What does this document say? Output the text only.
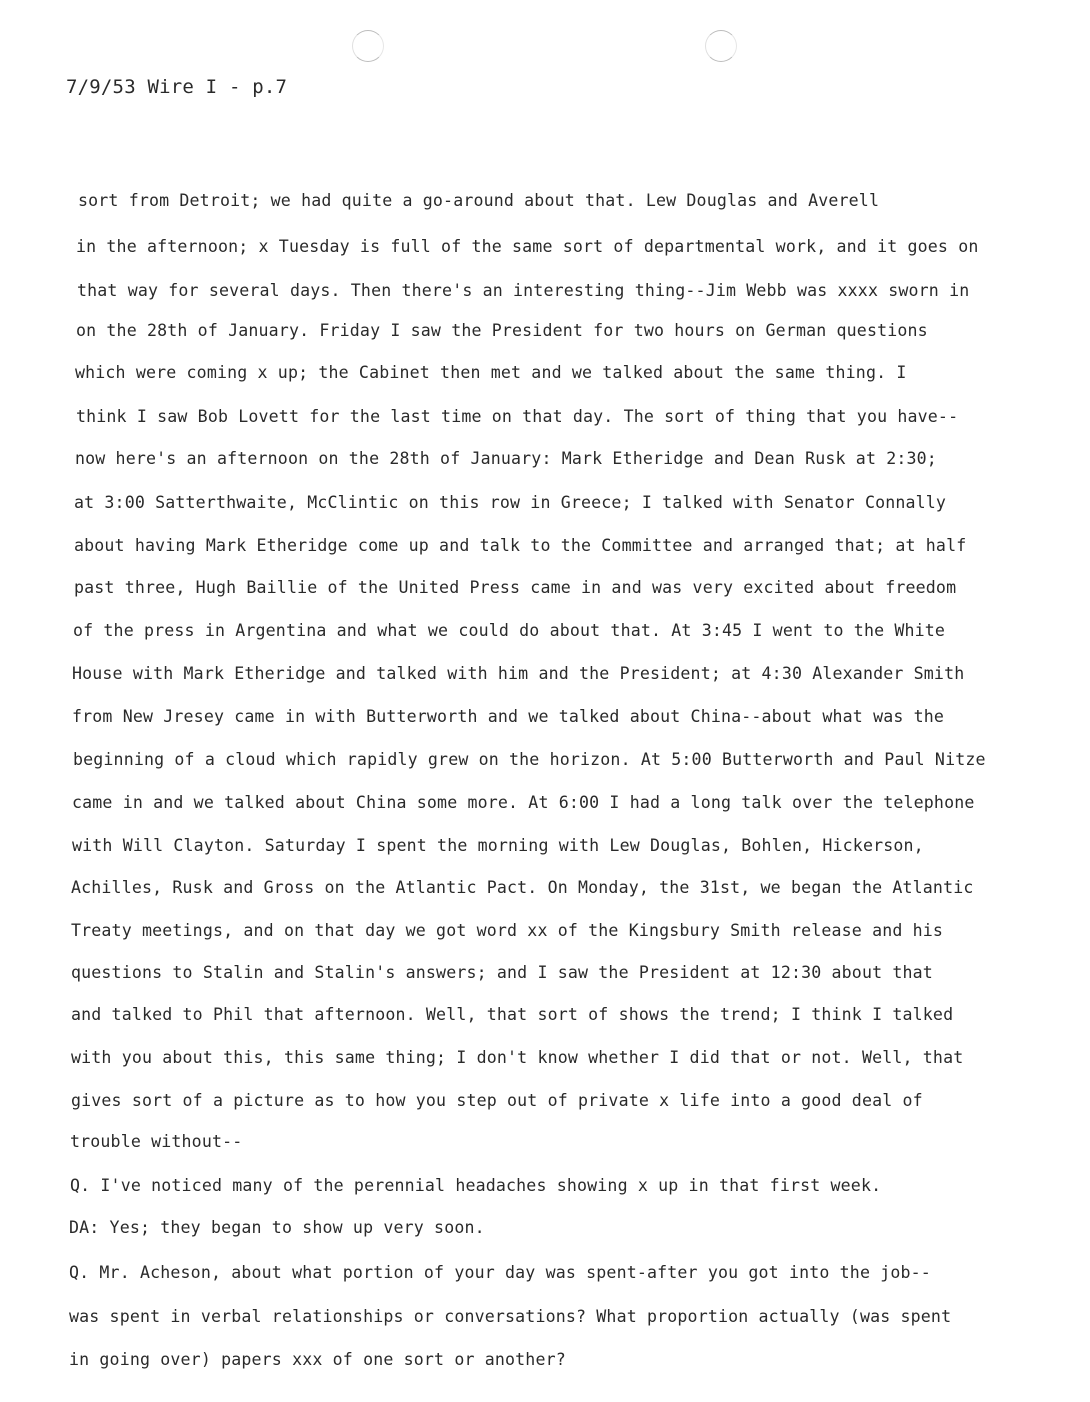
7/9/53 Wire I - p.7
sort from Detroit; we had quite a go-around about that. Lew Douglas and Averell
in the afternoon; x Tuesday is full of the same sort of departmental work, and it goes on
that way for several days. Then there's an interesting thing--Jim Webb was xxxx sworn in
on the 28th of January. Friday I saw the President for two hours on German questions
which were coming x up; the Cabinet then met and we talked about the same thing. I
think I saw Bob Lovett for the last time on that day. The sort of thing that you have--
now here's an afternoon on the 28th of January: Mark Etheridge and Dean Rusk at 2:30;
at 3:00 Satterthwaite, McClintic on this row in Greece; I talked with Senator Connally
about having Mark Etheridge come up and talk to the Committee and arranged that; at half
past three, Hugh Baillie of the United Press came in and was very excited about freedom
of the press in Argentina and what we could do about that. At 3:45 I went to the White
House with Mark Etheridge and talked with him and the President; at 4:30 Alexander Smith
from New Jresey came in with Butterworth and we talked about China--about what was the
beginning of a cloud which rapidly grew on the horizon. At 5:00 Butterworth and Paul Nitze
came in and we talked about China some more. At 6:00 I had a long talk over the telephone
with Will Clayton. Saturday I spent the morning with Lew Douglas, Bohlen, Hickerson,
Achilles, Rusk and Gross on the Atlantic Pact. On Monday, the 31st, we began the Atlantic
Treaty meetings, and on that day we got word xx of the Kingsbury Smith release and his
questions to Stalin and Stalin's answers; and I saw the President at 12:30 about that
and talked to Phil that afternoon. Well, that sort of shows the trend; I think I talked
with you about this, this same thing; I don't know whether I did that or not. Well, that
gives sort of a picture as to how you step out of private x life into a good deal of
trouble without--
Q. I've noticed many of the perennial headaches showing x up in that first week.
DA: Yes; they began to show up very soon.
Q. Mr. Acheson, about what portion of your day was spent-after you got into the job--
was spent in verbal relationships or conversations? What proportion actually (was spent
in going over) papers xxx of one sort or another?
